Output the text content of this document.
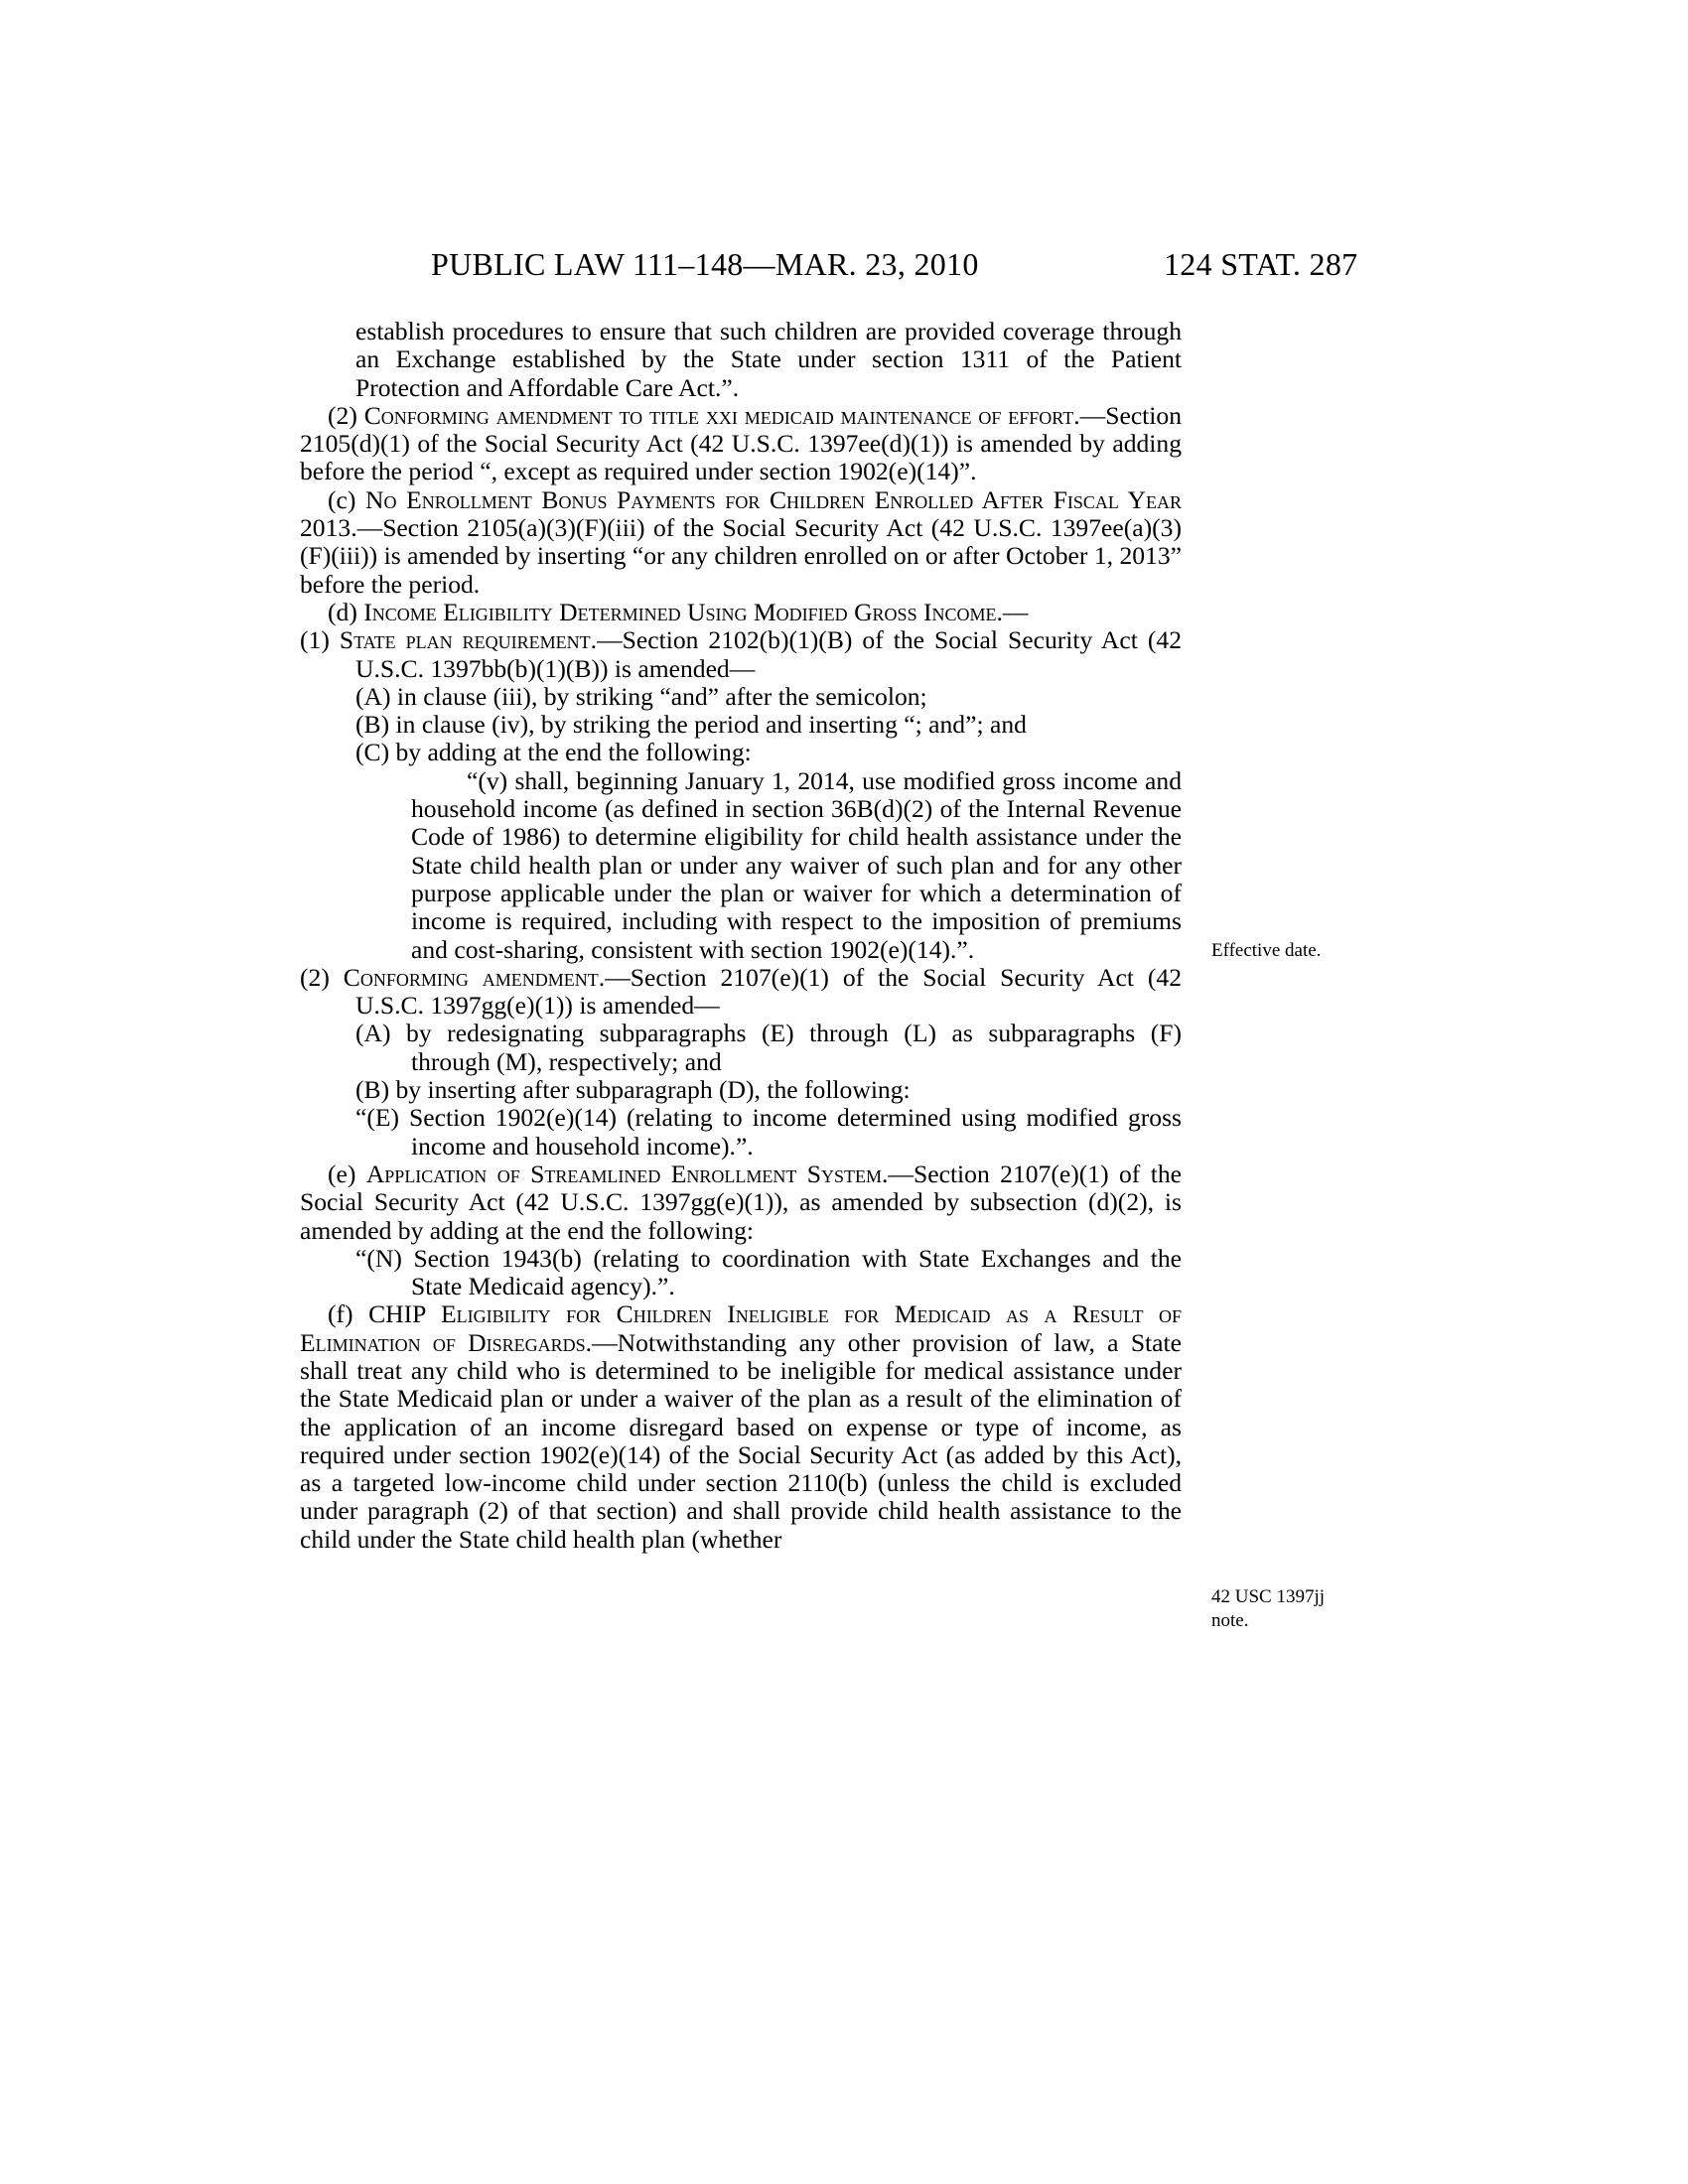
PUBLIC LAW 111–148—MAR. 23, 2010	124 STAT. 287

establish procedures to ensure that such children are provided coverage through an Exchange established by the State under section 1311 of the Patient Protection and Affordable Care Act.”.

(2) Conforming amendment to title xxi medicaid maintenance of effort.—Section 2105(d)(1) of the Social Security Act (42 U.S.C. 1397ee(d)(1)) is amended by adding before the period “, except as required under section 1902(e)(14)”.

(c) No Enrollment Bonus Payments for Children Enrolled After Fiscal Year 2013.—Section 2105(a)(3)(F)(iii) of the Social Security Act (42 U.S.C. 1397ee(a)(3)(F)(iii)) is amended by inserting “or any children enrolled on or after October 1, 2013” before the period.

(d) Income Eligibility Determined Using Modified Gross Income.—

(1) State plan requirement.—Section 2102(b)(1)(B) of the Social Security Act (42 U.S.C. 1397bb(b)(1)(B)) is amended—

(A) in clause (iii), by striking “and” after the semicolon;

(B) in clause (iv), by striking the period and inserting “; and”; and

(C) by adding at the end the following:

“(v) shall, beginning January 1, 2014, use modified gross income and household income (as defined in section 36B(d)(2) of the Internal Revenue Code of 1986) to determine eligibility for child health assistance under the State child health plan or under any waiver of such plan and for any other purpose applicable under the plan or waiver for which a determination of income is required, including with respect to the imposition of premiums and cost-sharing, consistent with section 1902(e)(14).”.

(2) Conforming amendment.—Section 2107(e)(1) of the Social Security Act (42 U.S.C. 1397gg(e)(1)) is amended—

(A) by redesignating subparagraphs (E) through (L) as subparagraphs (F) through (M), respectively; and

(B) by inserting after subparagraph (D), the following:

“(E) Section 1902(e)(14) (relating to income determined using modified gross income and household income).”.

(e) Application of Streamlined Enrollment System.—Section 2107(e)(1) of the Social Security Act (42 U.S.C. 1397gg(e)(1)), as amended by subsection (d)(2), is amended by adding at the end the following:

“(N) Section 1943(b) (relating to coordination with State Exchanges and the State Medicaid agency).”.

(f) CHIP Eligibility for Children Ineligible for Medicaid as a Result of Elimination of Disregards.—Notwithstanding any other provision of law, a State shall treat any child who is determined to be ineligible for medical assistance under the State Medicaid plan or under a waiver of the plan as a result of the elimination of the application of an income disregard based on expense or type of income, as required under section 1902(e)(14) of the Social Security Act (as added by this Act), as a targeted low-income child under section 2110(b) (unless the child is excluded under paragraph (2) of that section) and shall provide child health assistance to the child under the State child health plan (whether

Effective date.
42 USC 1397jj
note.
